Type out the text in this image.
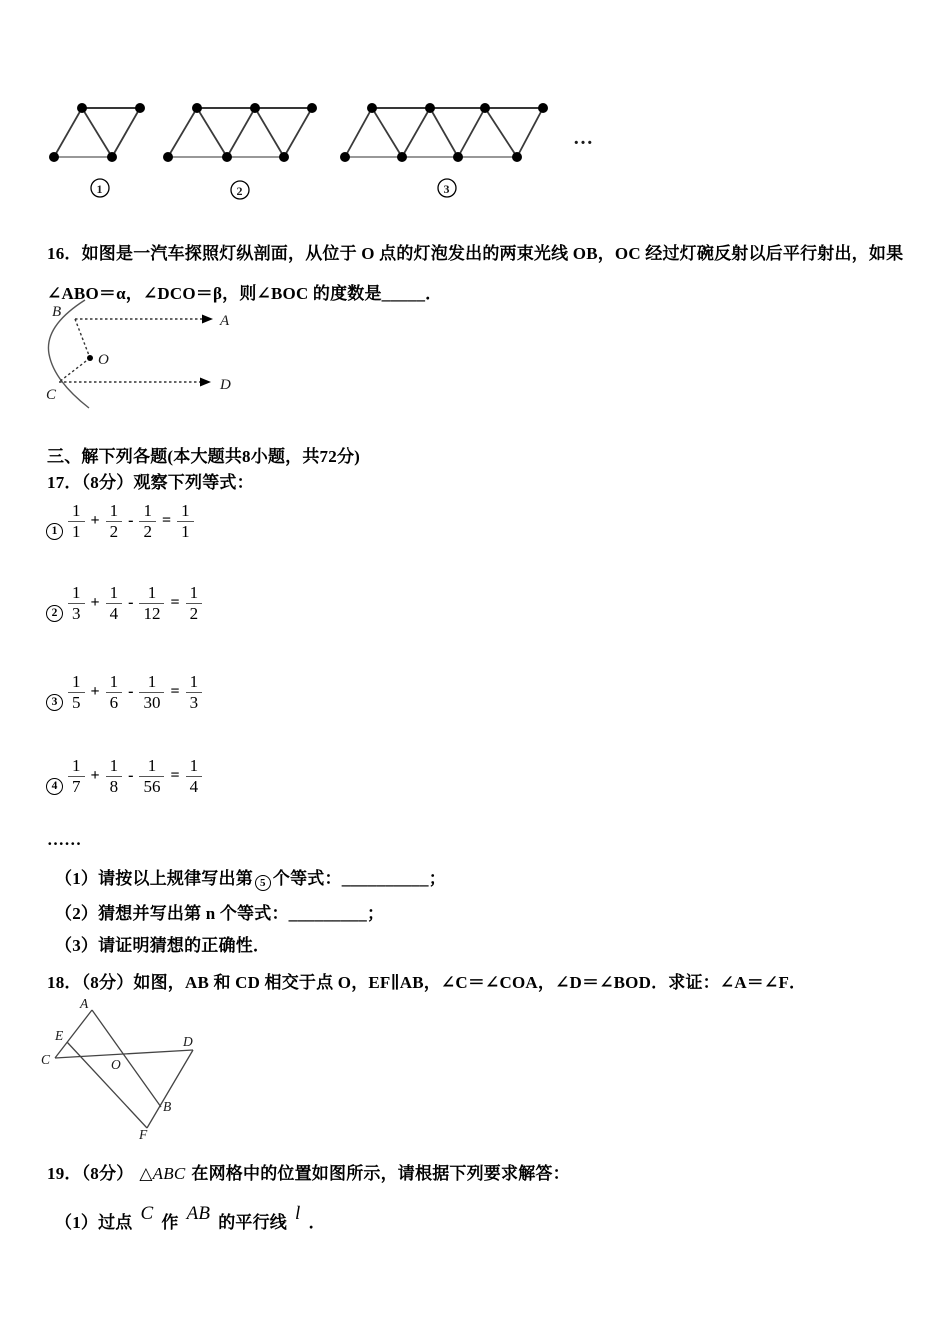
…
1	2	3
16．如图是一汽车探照灯纵剖面，从位于 O 点的灯泡发出的两束光线 OB，OC 经过灯碗反射以后平行射出，如果
∠ABO＝α，∠DCO＝β，则∠BOC 的度数是_____．
B
A
O
C
D
三、解下列各题(本大题共8小题，共72分)
17．（8分）观察下列等式：
$1 \frac{1}{1} + \frac{1}{2} - \frac{1}{2} = \frac{1}{1}$
$2 \frac{1}{3} + \frac{1}{4} - \frac{1}{12} = \frac{1}{2}$
$3 \frac{1}{5} + \frac{1}{6} - \frac{1}{30} = \frac{1}{3}$
$4 \frac{1}{7} + \frac{1}{8} - \frac{1}{56} = \frac{1}{4}$
……
（1）请按以上规律写出第 5 个等式：__________；
（2）猜想并写出第 n 个等式：_________；
（3）请证明猜想的正确性．
18．（8分）如图，AB 和 CD 相交于点 O，EF∥AB，∠C＝∠COA，∠D＝∠BOD．求证：∠A＝∠F．
A
E
C	O
D
B
F
19．（8分） △ABC 在网格中的位置如图所示，请根据下列要求解答：
（1）过点 C 作 AB 的平行线 l ．
